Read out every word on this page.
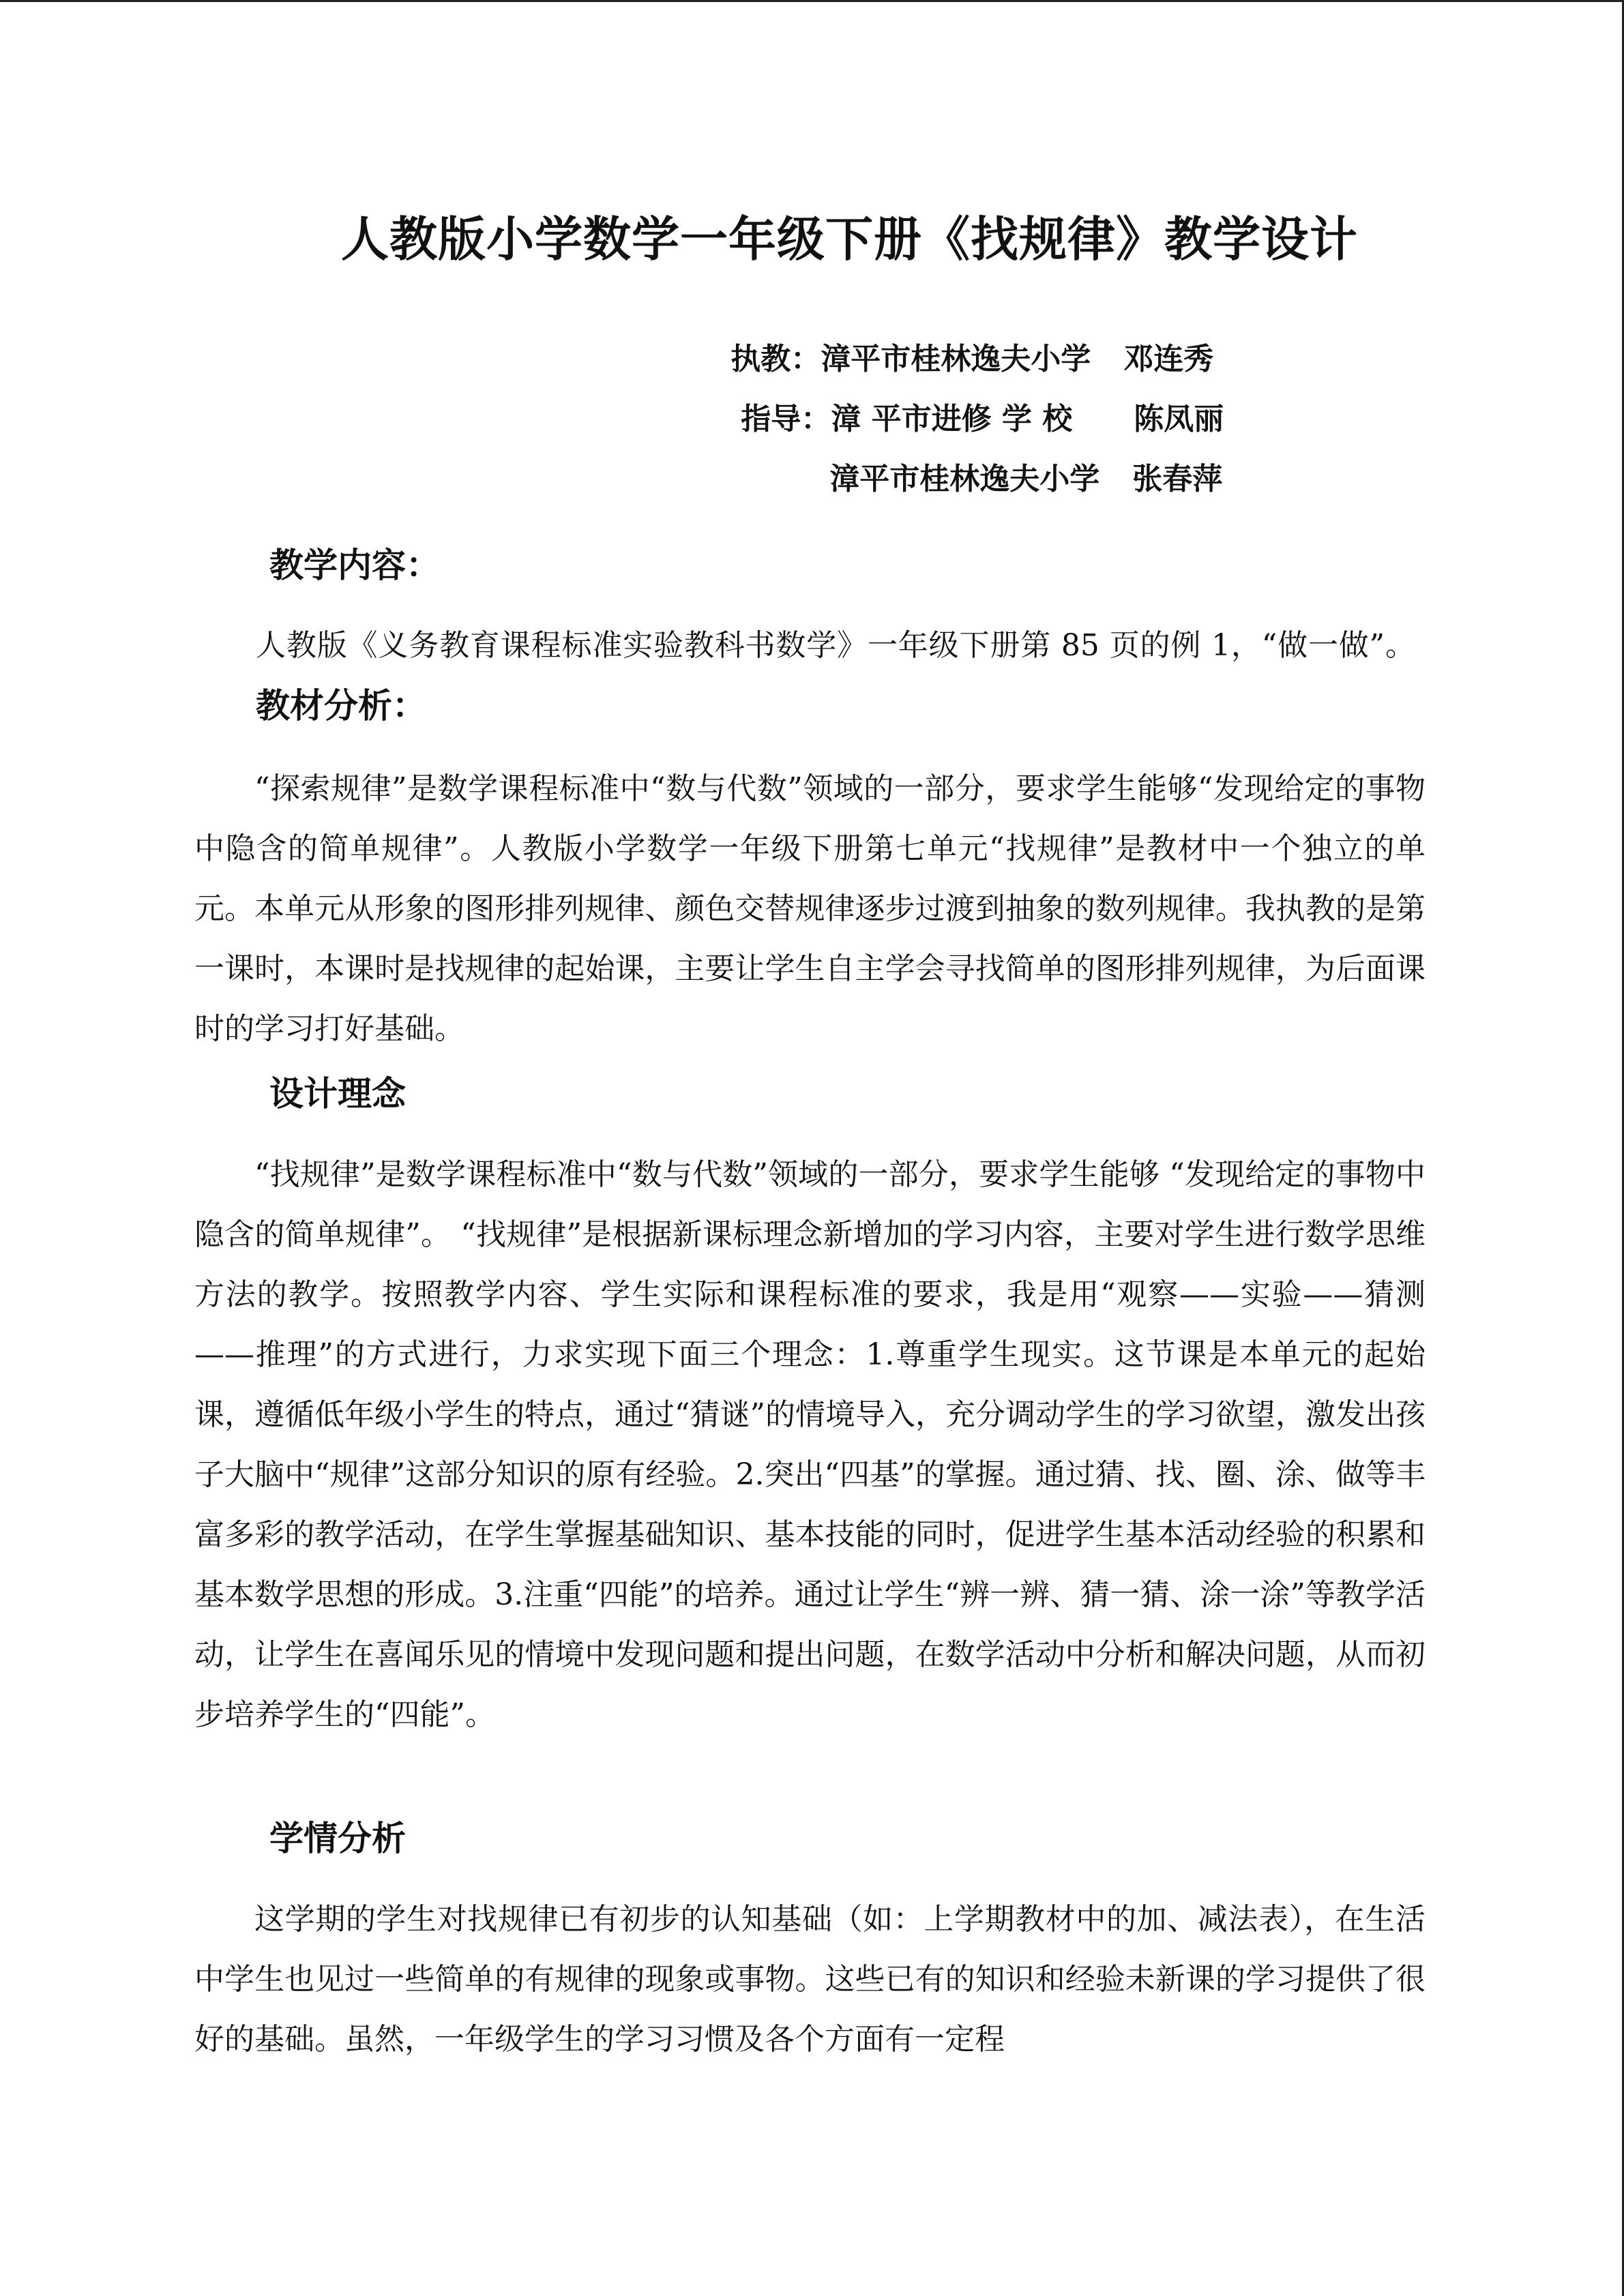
人教版小学数学一年级下册《找规律》教学设计

执教：漳平市桂林逸夫小学 邓连秀

指导：漳 平市进修 学 校 陈凤丽

漳平市桂林逸夫小学 张春萍

教学内容：

人教版《义务教育课程标准实验教科书数学》一年级下册第 85 页的例 1，“做一做”。教材分析：

“探索规律”是数学课程标准中“数与代数”领域的一部分，要求学生能够“发现给定的事物中隐含的简单规律”。人教版小学数学一年级下册第七单元“找规律”是教材中一个独立的单元。本单元从形象的图形排列规律、颜色交替规律逐步过渡到抽象的数列规律。我执教的是第一课时，本课时是找规律的起始课，主要让学生自主学会寻找简单的图形排列规律，为后面课时的学习打好基础。

设计理念

“找规律”是数学课程标准中“数与代数”领域的一部分，要求学生能够 “发现给定的事物中隐含的简单规律”。 “找规律”是根据新课标理念新增加的学习内容，主要对学生进行数学思维方法的教学。按照教学内容、学生实际和课程标准的要求，我是用“观察——实验——猜测——推理”的方式进行，力求实现下面三个理念：1.尊重学生现实。这节课是本单元的起始课，遵循低年级小学生的特点，通过“猜谜”的情境导入，充分调动学生的学习欲望，激发出孩子大脑中“规律”这部分知识的原有经验。2.突出“四基”的掌握。通过猜、找、圈、涂、做等丰富多彩的教学活动，在学生掌握基础知识、基本技能的同时，促进学生基本活动经验的积累和基本数学思想的形成。3.注重“四能”的培养。通过让学生“辨一辨、猜一猜、涂一涂”等教学活动，让学生在喜闻乐见的情境中发现问题和提出问题，在数学活动中分析和解决问题，从而初步培养学生的“四能”。

学情分析

这学期的学生对找规律已有初步的认知基础（如：上学期教材中的加、减法表），在生活中学生也见过一些简单的有规律的现象或事物。这些已有的知识和经验未新课的学习提供了很好的基础。虽然，一年级学生的学习习惯及各个方面有一定程
